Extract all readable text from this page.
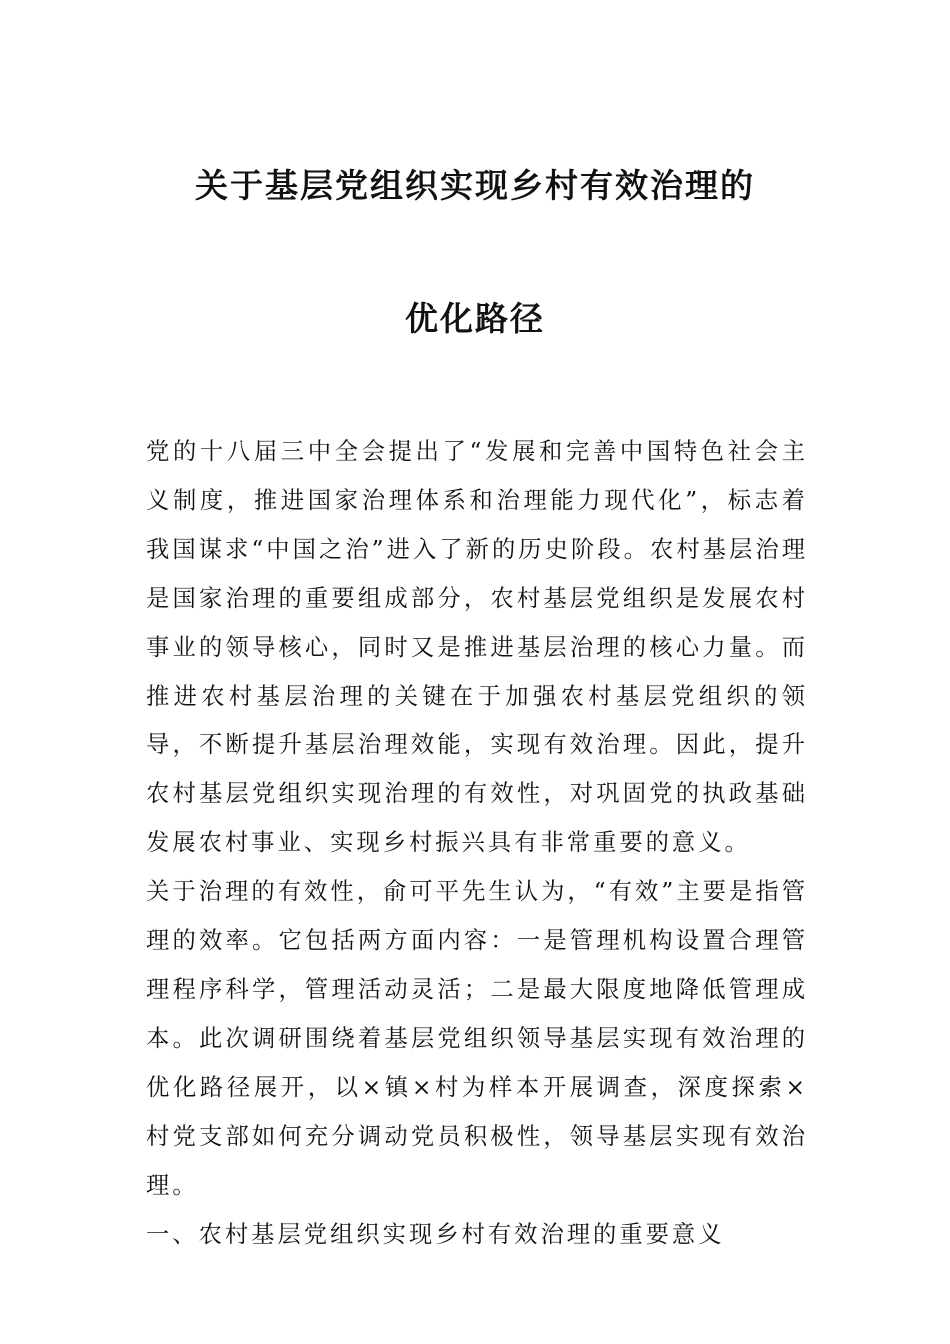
关于基层党组织实现乡村有效治理的
优化路径

党的十八届三中全会提出了“发展和完善中国特色社会主义制度，推进国家治理体系和治理能力现代化”，标志着我国谋求“中国之治”进入了新的历史阶段。农村基层治理是国家治理的重要组成部分，农村基层党组织是发展农村事业的领导核心，同时又是推进基层治理的核心力量。而推进农村基层治理的关键在于加强农村基层党组织的领导，不断提升基层治理效能，实现有效治理。因此，提升农村基层党组织实现治理的有效性，对巩固党的执政基础发展农村事业、实现乡村振兴具有非常重要的意义。

关于治理的有效性，俞可平先生认为，“有效”主要是指管理的效率。它包括两方面内容：一是管理机构设置合理管理程序科学，管理活动灵活；二是最大限度地降低管理成本。此次调研围绕着基层党组织领导基层实现有效治理的优化路径展开，以×镇×村为样本开展调查，深度探索×村党支部如何充分调动党员积极性，领导基层实现有效治理。

一、农村基层党组织实现乡村有效治理的重要意义
